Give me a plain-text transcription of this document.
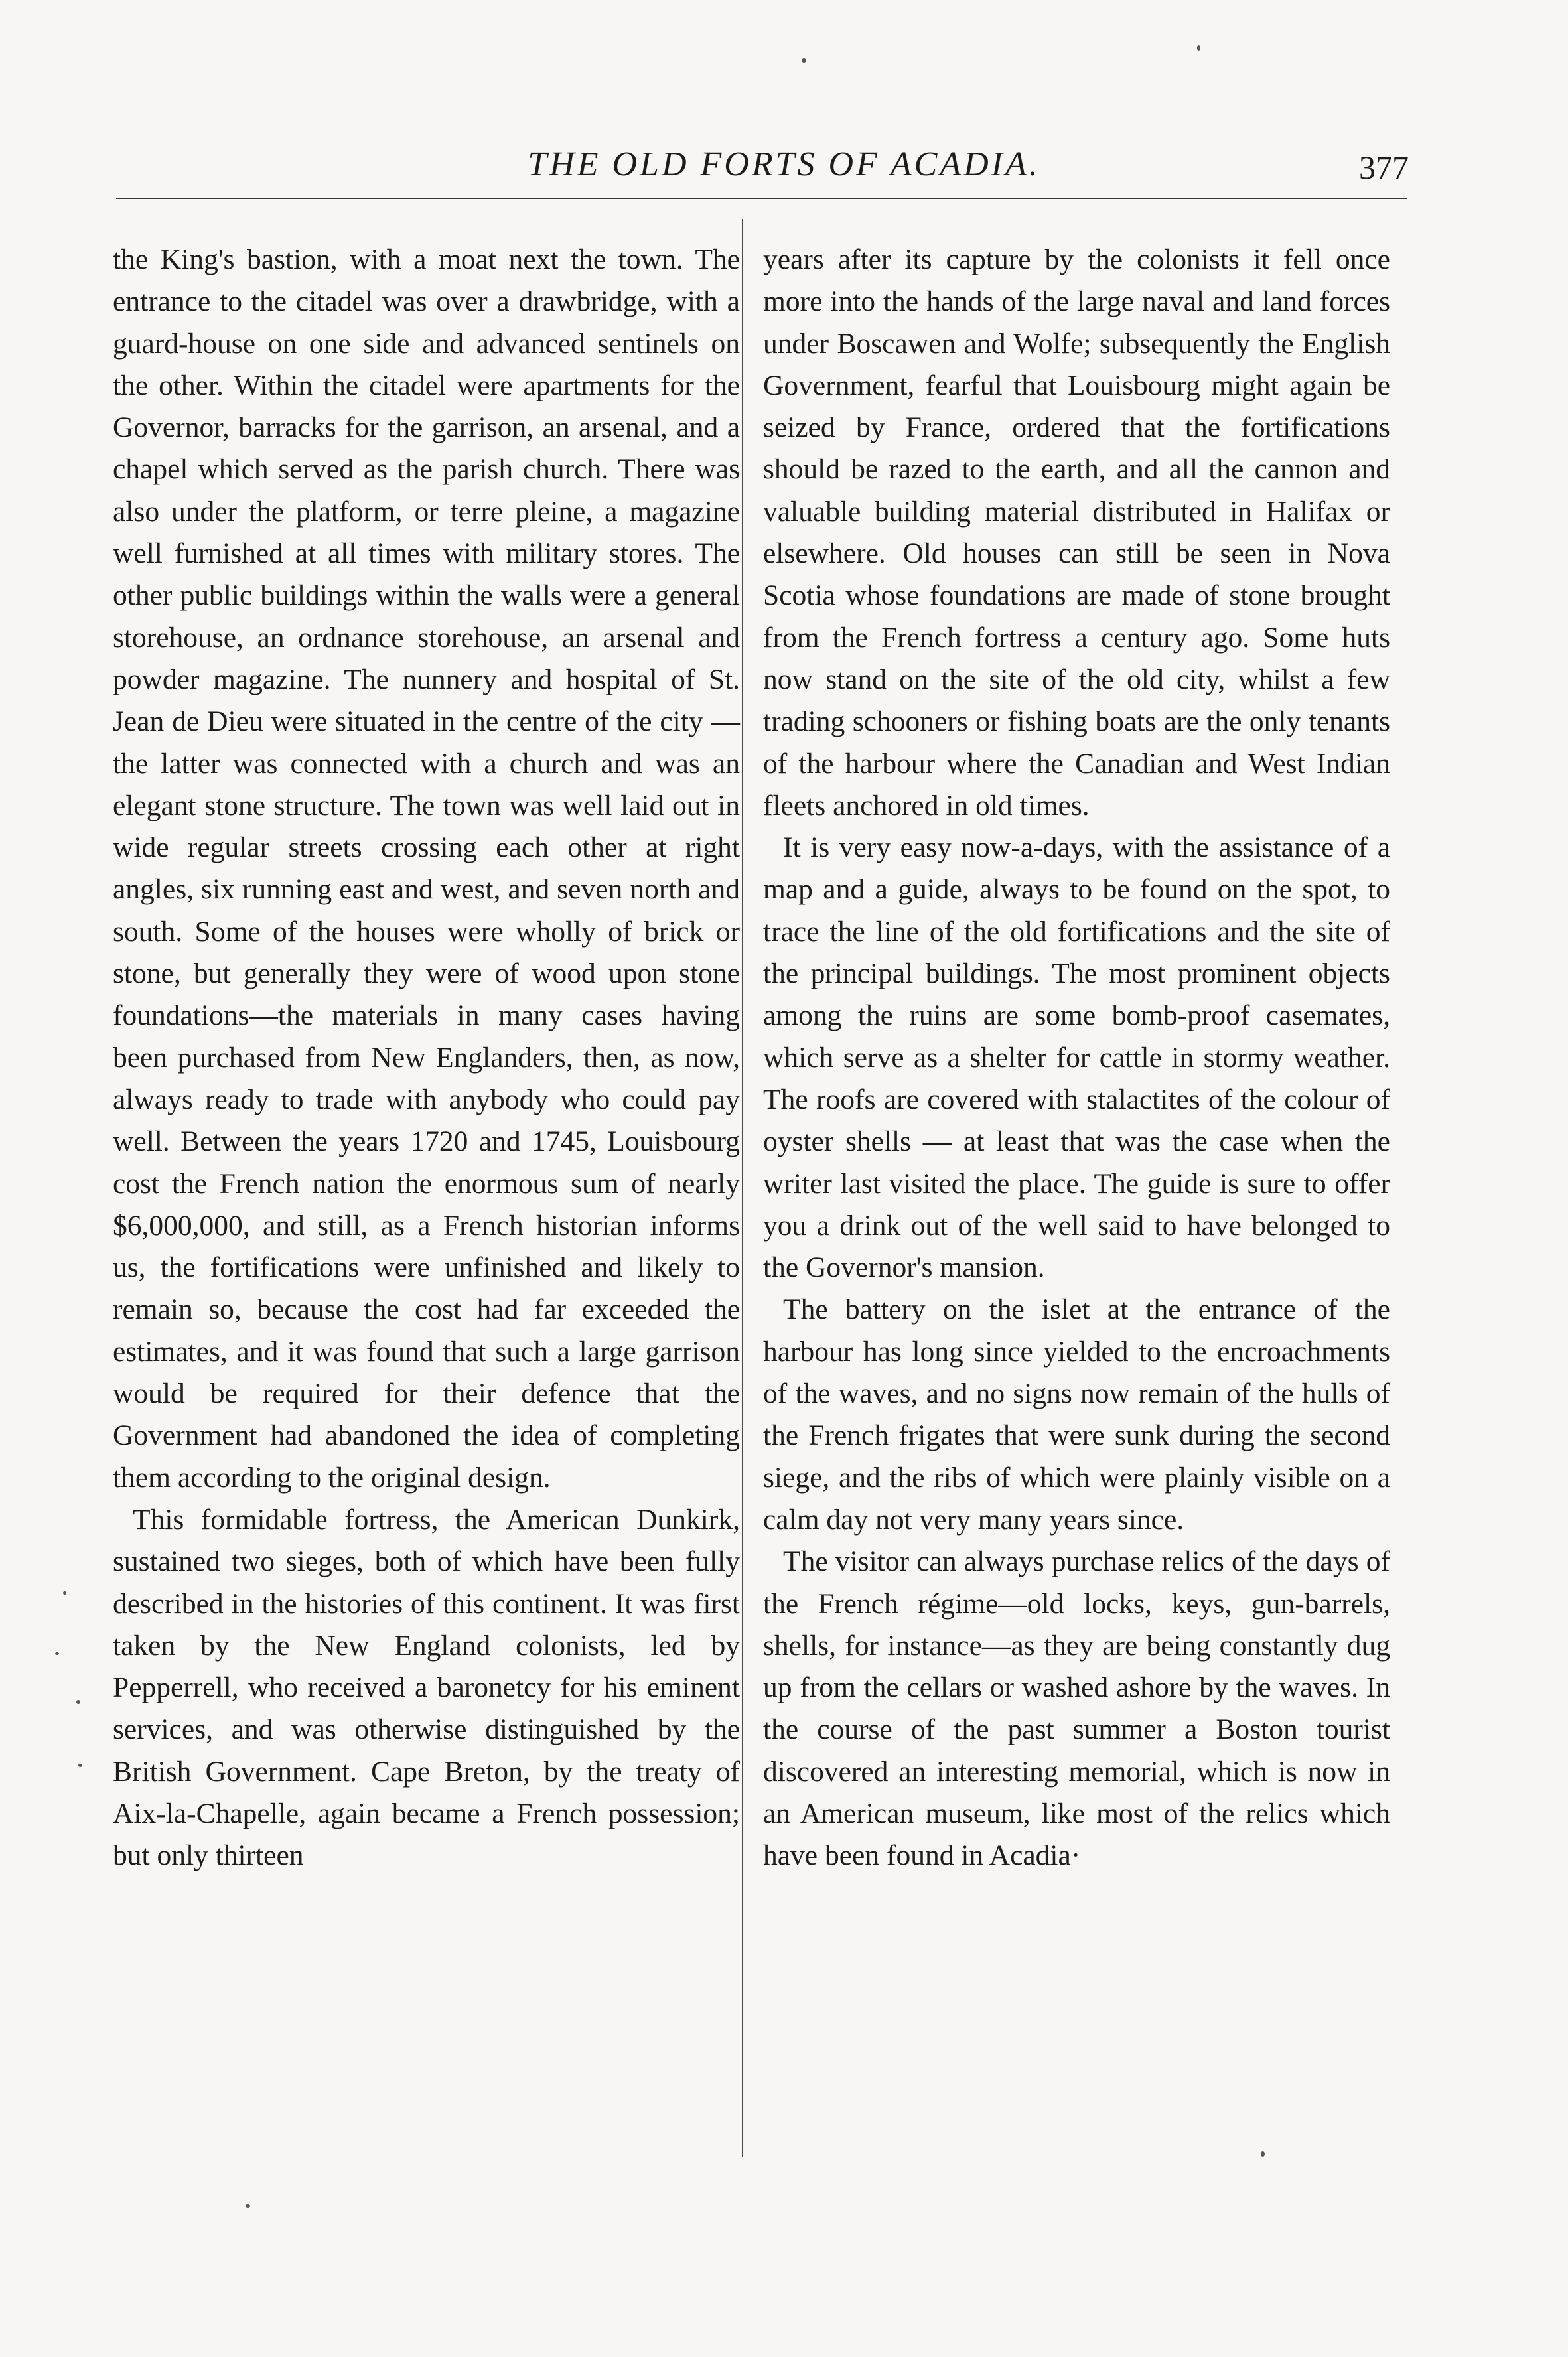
THE OLD FORTS OF ACADIA.	377

the King's bastion, with a moat next the town. The entrance to the citadel was over a drawbridge, with a guard-house on one side and advanced sentinels on the other. Within the citadel were apartments for the Governor, barracks for the garrison, an arsenal, and a chapel which served as the parish church. There was also under the platform, or terre pleine, a magazine well furnished at all times with military stores. The other public buildings within the walls were a general storehouse, an ordnance storehouse, an arsenal and powder magazine. The nunnery and hospital of St. Jean de Dieu were situated in the centre of the city —the latter was connected with a church and was an elegant stone structure. The town was well laid out in wide regular streets crossing each other at right angles, six running east and west, and seven north and south. Some of the houses were wholly of brick or stone, but generally they were of wood upon stone foundations—the materials in many cases having been purchased from New Englanders, then, as now, always ready to trade with anybody who could pay well. Between the years 1720 and 1745, Louisbourg cost the French nation the enormous sum of nearly $6,000,000, and still, as a French historian informs us, the fortifications were unfinished and likely to remain so, because the cost had far exceeded the estimates, and it was found that such a large garrison would be required for their defence that the Government had abandoned the idea of completing them according to the original design.

This formidable fortress, the American Dunkirk, sustained two sieges, both of which have been fully described in the histories of this continent. It was first taken by the New England colonists, led by Pepperrell, who received a baronetcy for his eminent services, and was otherwise distinguished by the British Government. Cape Breton, by the treaty of Aix-la-Chapelle, again became a French possession; but only thirteen

years after its capture by the colonists it fell once more into the hands of the large naval and land forces under Boscawen and Wolfe; subsequently the English Government, fearful that Louisbourg might again be seized by France, ordered that the fortifications should be razed to the earth, and all the cannon and valuable building material distributed in Halifax or elsewhere. Old houses can still be seen in Nova Scotia whose foundations are made of stone brought from the French fortress a century ago. Some huts now stand on the site of the old city, whilst a few trading schooners or fishing boats are the only tenants of the harbour where the Canadian and West Indian fleets anchored in old times.

It is very easy now-a-days, with the assistance of a map and a guide, always to be found on the spot, to trace the line of the old fortifications and the site of the principal buildings. The most prominent objects among the ruins are some bomb-proof casemates, which serve as a shelter for cattle in stormy weather. The roofs are covered with stalactites of the colour of oyster shells — at least that was the case when the writer last visited the place. The guide is sure to offer you a drink out of the well said to have belonged to the Governor's mansion.

The battery on the islet at the entrance of the harbour has long since yielded to the encroachments of the waves, and no signs now remain of the hulls of the French frigates that were sunk during the second siege, and the ribs of which were plainly visible on a calm day not very many years since.

The visitor can always purchase relics of the days of the French régime—old locks, keys, gun-barrels, shells, for instance—as they are being constantly dug up from the cellars or washed ashore by the waves. In the course of the past summer a Boston tourist discovered an interesting memorial, which is now in an American museum, like most of the relics which have been found in Acadia·
